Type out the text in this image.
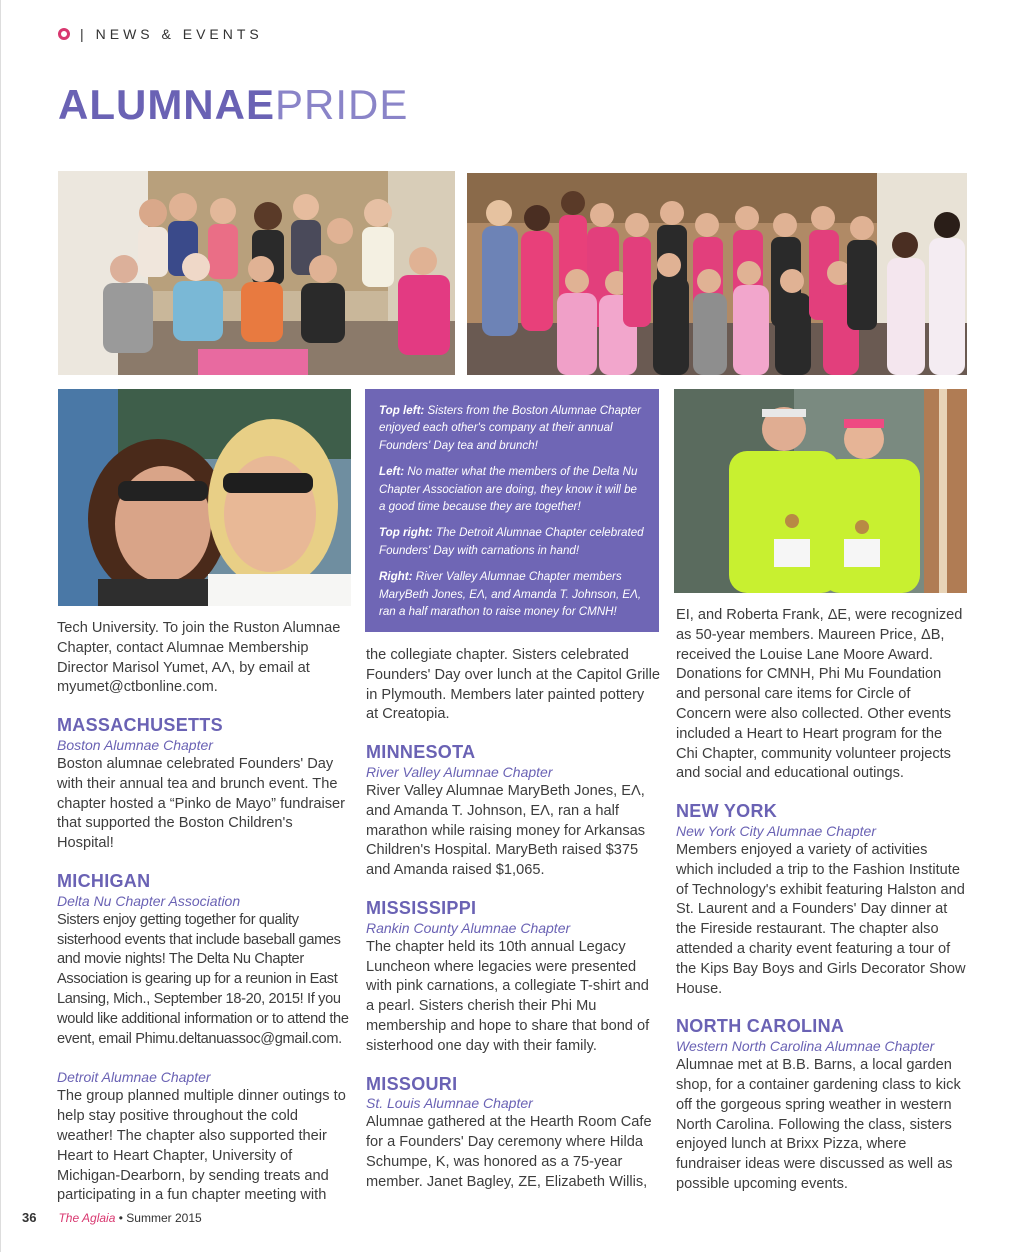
| NEWS & EVENTS
ALUMNAEPRIDE

Top left: Sisters from the Boston Alumnae Chapter enjoyed each other's company at their annual Founders' Day tea and brunch!

Left: No matter what the members of the Delta Nu Chapter Association are doing, they know it will be a good time because they are together!

Top right: The Detroit Alumnae Chapter celebrated Founders' Day with carnations in hand!

Right: River Valley Alumnae Chapter members MaryBeth Jones, EΛ, and Amanda T. Johnson, EΛ, ran a half marathon to raise money for CMNH!

Tech University. To join the Ruston Alumnae Chapter, contact Alumnae Membership Director Marisol Yumet, AΛ, by email at myumet@ctbonline.com.

MASSACHUSETTS

Boston Alumnae Chapter

Boston alumnae celebrated Founders' Day with their annual tea and brunch event. The chapter hosted a “Pinko de Mayo” fundraiser that supported the Boston Children's Hospital!

MICHIGAN

Delta Nu Chapter Association

Sisters enjoy getting together for quality sisterhood events that include baseball games and movie nights! The Delta Nu Chapter Association is gearing up for a reunion in East Lansing, Mich., September 18-20, 2015! If you would like additional information or to attend the event, email Phimu.deltanuassoc@gmail.com.

Detroit Alumnae Chapter

The group planned multiple dinner outings to help stay positive throughout the cold weather! The chapter also supported their Heart to Heart Chapter, University of Michigan-Dearborn, by sending treats and participating in a fun chapter meeting with

the collegiate chapter. Sisters celebrated Founders' Day over lunch at the Capitol Grille in Plymouth. Members later painted pottery at Creatopia.

MINNESOTA

River Valley Alumnae Chapter

River Valley Alumnae MaryBeth Jones, EΛ, and Amanda T. Johnson, EΛ, ran a half marathon while raising money for Arkansas Children's Hospital. MaryBeth raised $375 and Amanda raised $1,065.

MISSISSIPPI

Rankin County Alumnae Chapter

The chapter held its 10th annual Legacy Luncheon where legacies were presented with pink carnations, a collegiate T-shirt and a pearl. Sisters cherish their Phi Mu membership and hope to share that bond of sisterhood one day with their family.

MISSOURI

St. Louis Alumnae Chapter

Alumnae gathered at the Hearth Room Cafe for a Founders' Day ceremony where Hilda Schumpe, K, was honored as a 75-year member. Janet Bagley, ZE, Elizabeth Willis,

EI, and Roberta Frank, ΔE, were recognized as 50-year members. Maureen Price, ΔB, received the Louise Lane Moore Award. Donations for CMNH, Phi Mu Foundation and personal care items for Circle of Concern were also collected. Other events included a Heart to Heart program for the Chi Chapter, community volunteer projects and social and educational outings.

NEW YORK

New York City Alumnae Chapter

Members enjoyed a variety of activities which included a trip to the Fashion Institute of Technology's exhibit featuring Halston and St. Laurent and a Founders' Day dinner at the Fireside restaurant. The chapter also attended a charity event featuring a tour of the Kips Bay Boys and Girls Decorator Show House.

NORTH CAROLINA

Western North Carolina Alumnae Chapter

Alumnae met at B.B. Barns, a local garden shop, for a container gardening class to kick off the gorgeous spring weather in western North Carolina. Following the class, sisters enjoyed lunch at Brixx Pizza, where fundraiser ideas were discussed as well as possible upcoming events.

36 The Aglaia • Summer 2015
